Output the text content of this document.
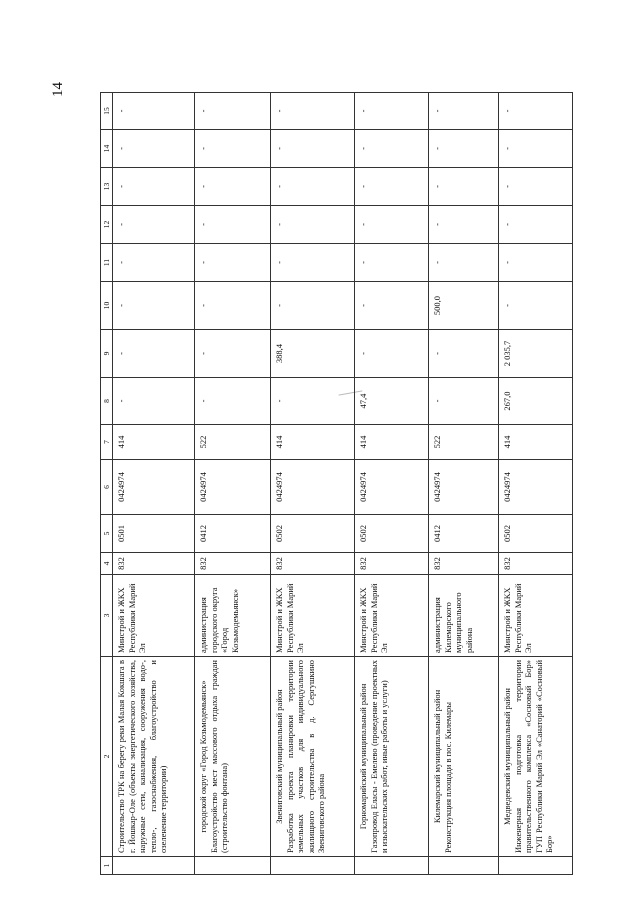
14
1	2	3	4	5	6	7	8	9	10	11	12	13	14	15
	Строительство ТРК на берегу реки Малая Кокшага в г. Йошкар-Оле (объекты энергетического хозяйства, наружные сети, канализация, сооружения водо-, тепло-, газоснабжения, благоустройство и озеленение территории)	Минстрой и ЖКХ Республики Марий Эл	832	0501	0424974	414	-	-	-	-	-	-	-	-

	городской округ «Город Козьмодемьянск» Благоустройство мест массового отдыха граждан (строительство фонтана)	администрация городского округа «Город Козьмодемьянск»	832	0412	0424974	522	-	-	-	-	-	-	-	-

	Звениговский муниципальный район Разработка проекта планировки территории земельных участков для индивидуального жилищного строительства в д. Сергушкино Звениговского района	Минстрой и ЖКХ Республики Марий Эл	832	0502	0424974	414	-	388,4	-	-	-	-	-	-

	Горномарийский муниципальный район Газопровод Еласы - Емелево (проведение проектных и изыскательских работ, иные работы и услуги)	Минстрой и ЖКХ Республики Марий Эл	832	0502	0424974	414	47,4	-	-	-	-	-	-	-

	Килемарский муниципальный район Реконструкция площади в пос. Килемары	администрация Килемарского муниципального района	832	0412	0424974	522	-	-	500,0	-	-	-	-	-

	Медведевский муниципальный район Инженерная подготовка территории правительственного комплекса «Сосновый Бор» ГУП Республики Марий Эл «Санаторий «Сосновый Бор»	Минстрой и ЖКХ Республики Марий Эл	832	0502	0424974	414	267,0	2 035,7	-	-	-	-	-	-
